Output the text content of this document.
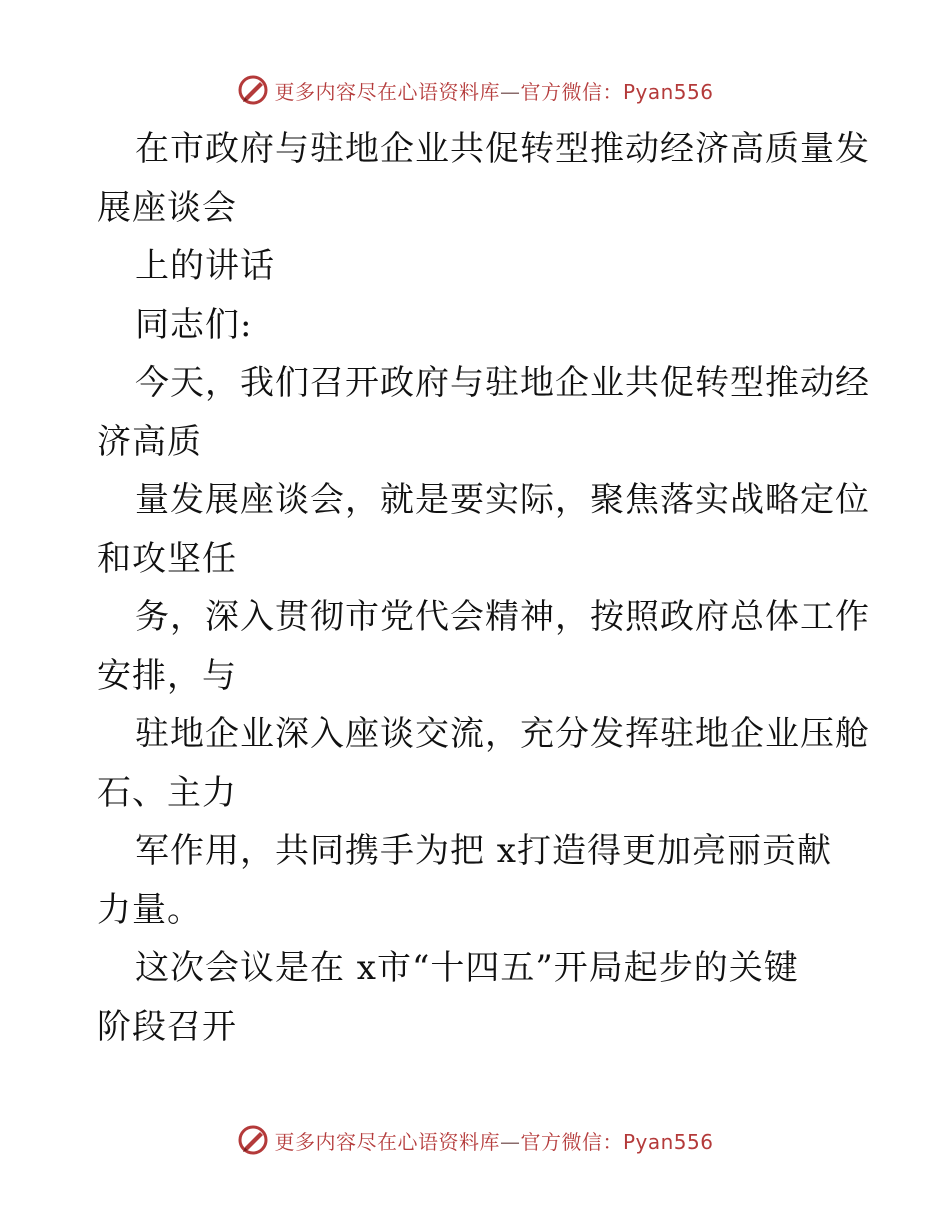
更多内容尽在心语资料库—官方微信：Pyan556
在市政府与驻地企业共促转型推动经济高质量发
展座谈会
上的讲话
同志们:
今天，我们召开政府与驻地企业共促转型推动经
济高质
量发展座谈会，就是要实际，聚焦落实战略定位
和攻坚任
务，深入贯彻市党代会精神，按照政府总体工作
安排，与
驻地企业深入座谈交流，充分发挥驻地企业压舱
石、主力
军作用，共同携手为把 x打造得更加亮丽贡献
力量。
这次会议是在 x市“十四五”开局起步的关键
阶段召开
更多内容尽在心语资料库—官方微信：Pyan556
